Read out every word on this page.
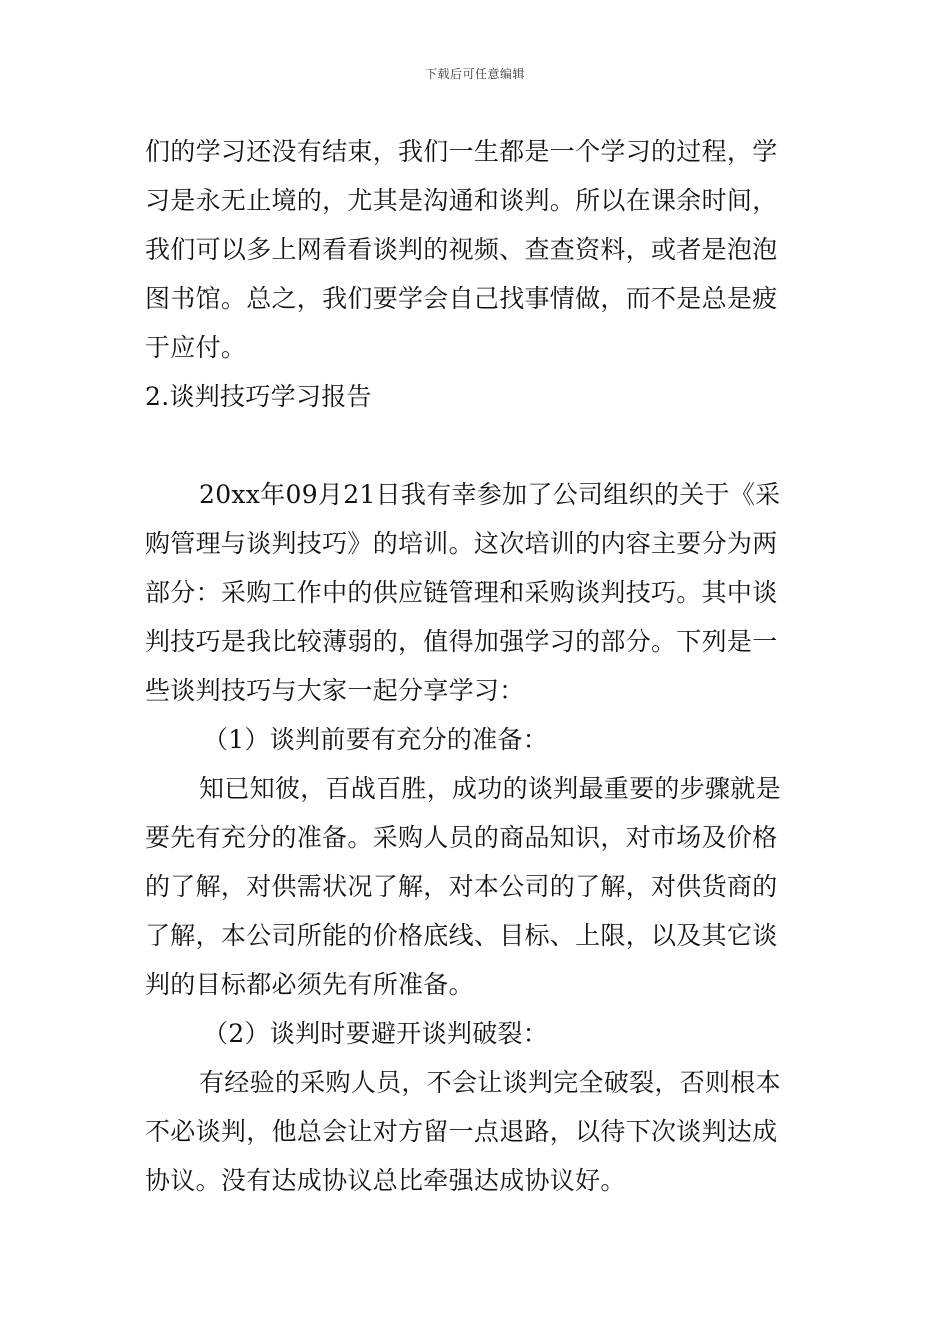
下载后可任意编辑
们的学习还没有结束，我们一生都是一个学习的过程，学
习是永无止境的，尤其是沟通和谈判。所以在课余时间，
我们可以多上网看看谈判的视频、查查资料，或者是泡泡
图书馆。总之，我们要学会自己找事情做，而不是总是疲
于应付。
2.谈判技巧学习报告
20xx年09月21日我有幸参加了公司组织的关于《采
购管理与谈判技巧》的培训。这次培训的内容主要分为两
部分：采购工作中的供应链管理和采购谈判技巧。其中谈
判技巧是我比较薄弱的，值得加强学习的部分。下列是一
些谈判技巧与大家一起分享学习：
（1）谈判前要有充分的准备：
知已知彼，百战百胜，成功的谈判最重要的步骤就是
要先有充分的准备。采购人员的商品知识，对市场及价格
的了解，对供需状况了解，对本公司的了解，对供货商的
了解，本公司所能的价格底线、目标、上限，以及其它谈
判的目标都必须先有所准备。
（2）谈判时要避开谈判破裂：
有经验的采购人员，不会让谈判完全破裂，否则根本
不必谈判，他总会让对方留一点退路，以待下次谈判达成
协议。没有达成协议总比牵强达成协议好。
